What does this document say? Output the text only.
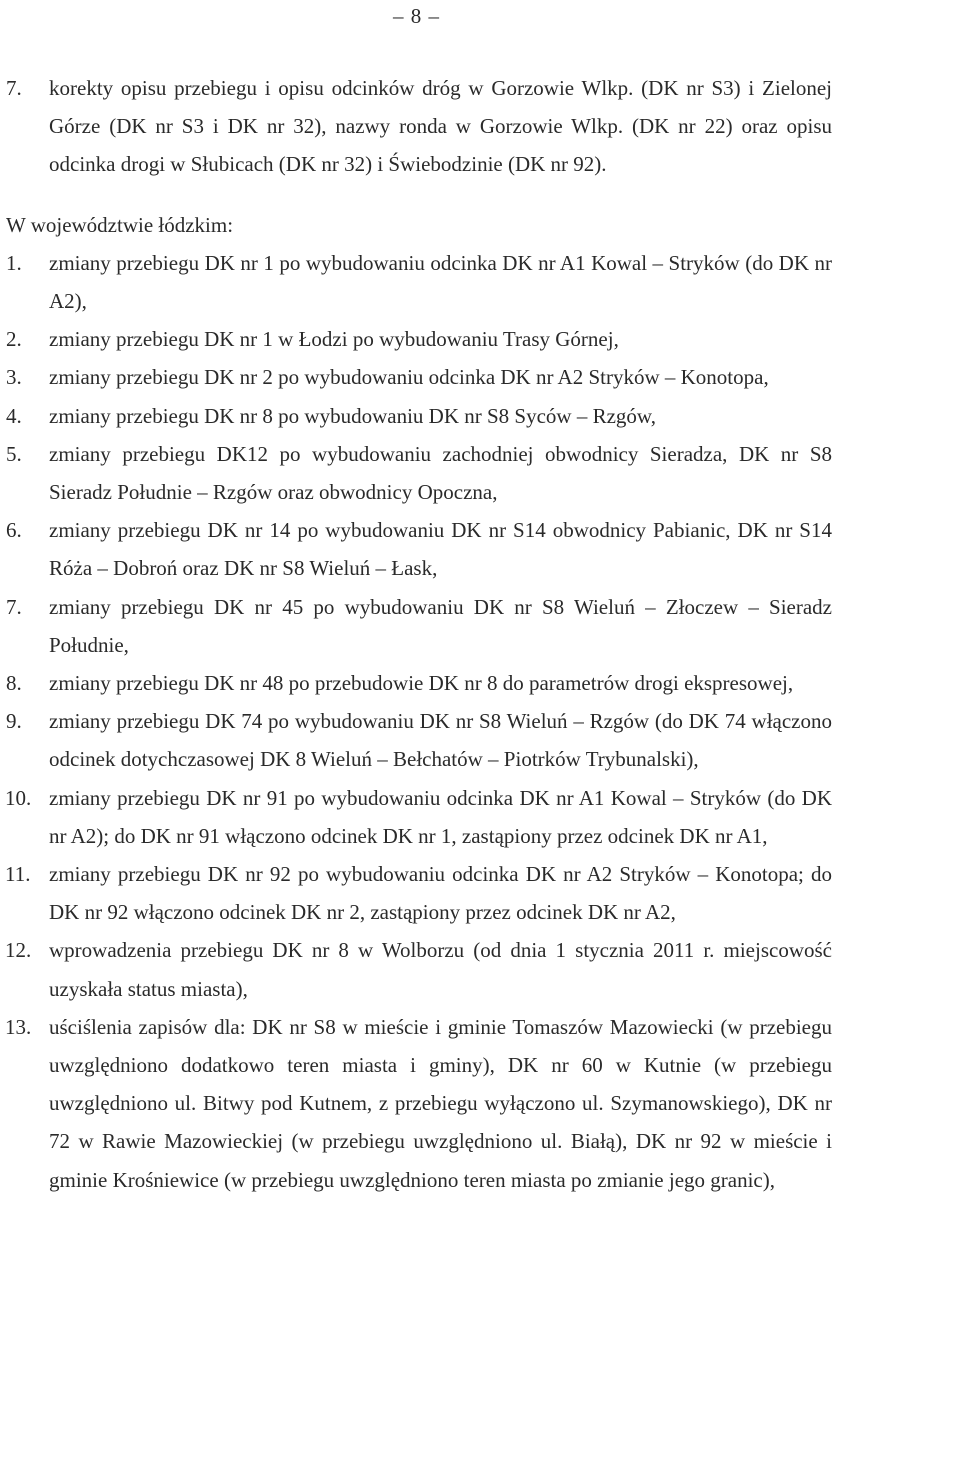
– 8 –
7.	korekty opisu przebiegu i opisu odcinków dróg w Gorzowie Wlkp. (DK nr S3) i Zielonej Górze (DK nr S3 i DK nr 32), nazwy ronda w Gorzowie Wlkp. (DK nr 22) oraz opisu odcinka drogi w Słubicach (DK nr 32) i Świebodzinie (DK nr 92).
W województwie łódzkim:
1.	zmiany przebiegu DK nr 1 po wybudowaniu odcinka DK nr A1 Kowal – Stryków (do DK nr A2),
2.	zmiany przebiegu DK nr 1 w Łodzi po wybudowaniu Trasy Górnej,
3.	zmiany przebiegu DK nr 2 po wybudowaniu odcinka DK nr A2 Stryków – Konotopa,
4.	zmiany przebiegu DK nr 8 po wybudowaniu DK nr S8 Syców – Rzgów,
5.	zmiany przebiegu DK12 po wybudowaniu zachodniej obwodnicy Sieradza, DK nr S8 Sieradz Południe – Rzgów oraz obwodnicy Opoczna,
6.	zmiany przebiegu DK nr 14 po wybudowaniu DK nr S14 obwodnicy Pabianic, DK nr S14 Róża – Dobroń oraz DK nr S8 Wieluń – Łask,
7.	zmiany przebiegu DK nr 45 po wybudowaniu DK nr S8 Wieluń – Złoczew – Sieradz Południe,
8.	zmiany przebiegu DK nr 48 po przebudowie DK nr 8 do parametrów drogi ekspresowej,
9.	zmiany przebiegu DK 74 po wybudowaniu DK nr S8 Wieluń – Rzgów (do DK 74 włączono odcinek dotychczasowej DK 8 Wieluń – Bełchatów – Piotrków Trybunalski),
10. zmiany przebiegu DK nr 91 po wybudowaniu odcinka DK nr A1 Kowal – Stryków (do DK nr A2); do DK nr 91 włączono odcinek DK nr 1, zastąpiony przez odcinek DK nr A1,
11. zmiany przebiegu DK nr 92 po wybudowaniu odcinka DK nr A2 Stryków – Konotopa; do DK nr 92 włączono odcinek DK nr 2, zastąpiony przez odcinek DK nr A2,
12. wprowadzenia przebiegu DK nr 8 w Wolborzu (od dnia 1 stycznia 2011 r. miejscowość uzyskała status miasta),
13. uściślenia zapisów dla: DK nr S8 w mieście i gminie Tomaszów Mazowiecki (w przebiegu uwzględniono dodatkowo teren miasta i gminy), DK nr 60 w Kutnie (w przebiegu uwzględniono ul. Bitwy pod Kutnem, z przebiegu wyłączono ul. Szymanowskiego), DK nr 72 w Rawie Mazowieckiej (w przebiegu uwzględniono ul. Białą), DK nr 92 w mieście i gminie Krośniewice (w przebiegu uwzględniono teren miasta po zmianie jego granic),
